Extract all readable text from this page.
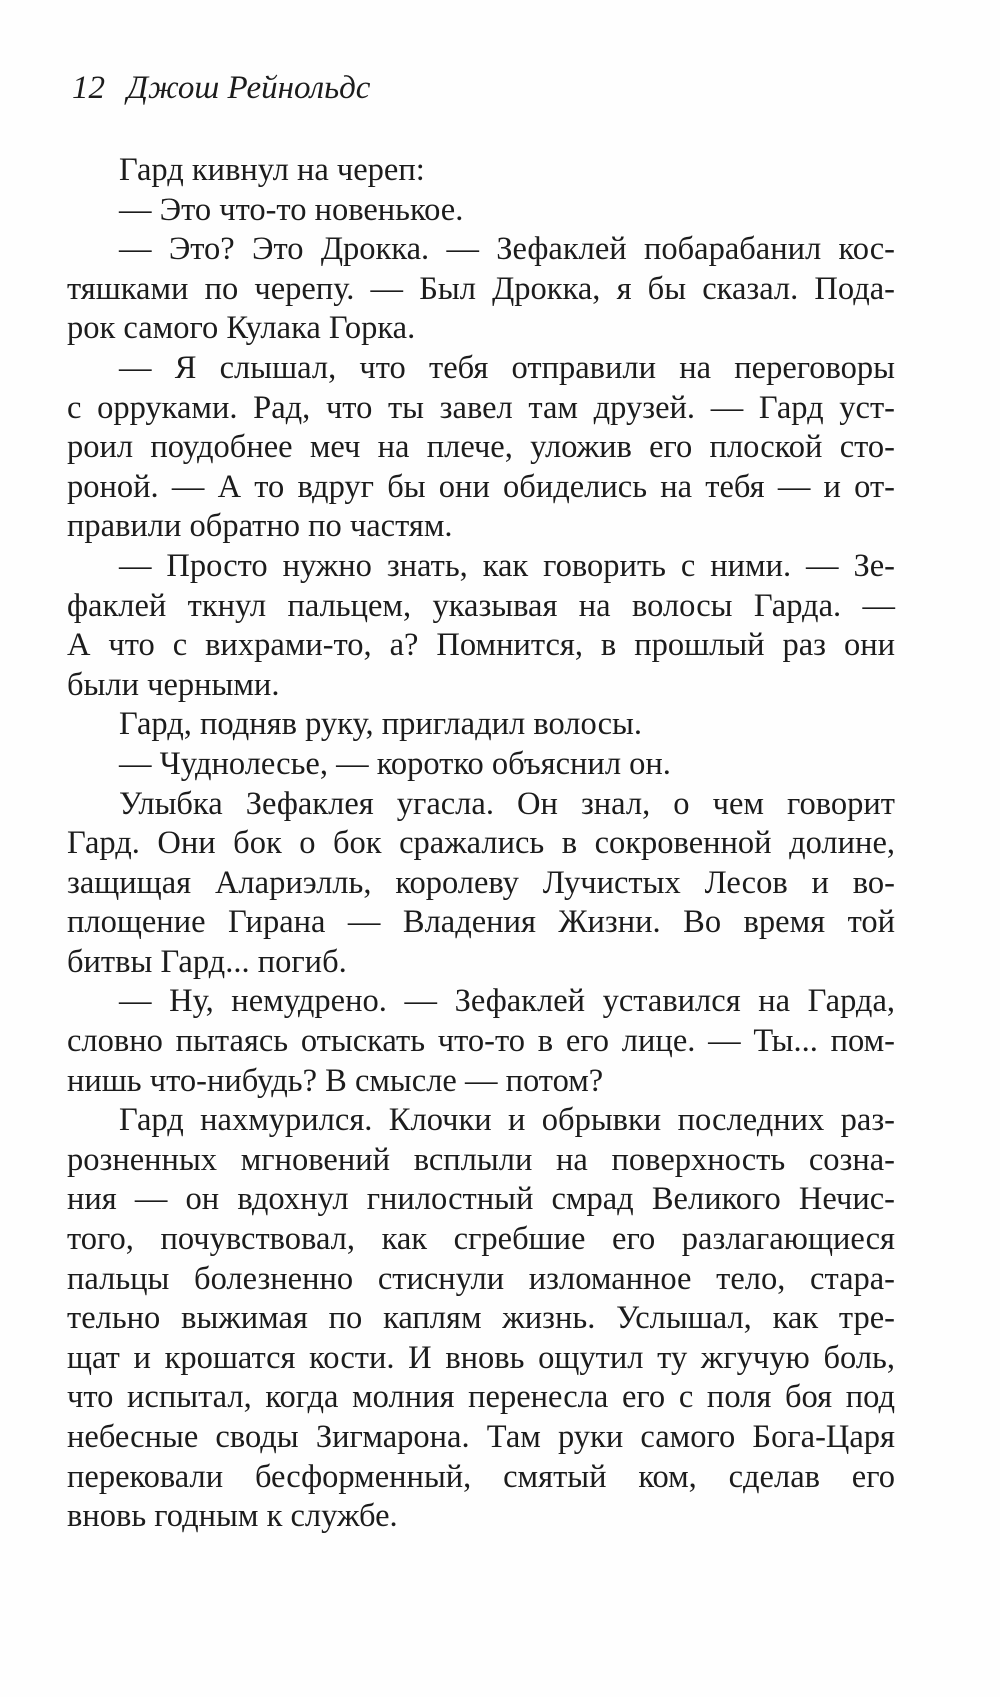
12 Джош Рейнольдс
Гард кивнул на череп:
— Это что-то новенькое.
— Это? Это Дрокка. — Зефаклей побарабанил кос-
тяшками по черепу. — Был Дрокка, я бы сказал. Пода-
рок самого Кулака Горка.
— Я слышал, что тебя отправили на переговоры
с орруками. Рад, что ты завел там друзей. — Гард уст-
роил поудобнее меч на плече, уложив его плоской сто-
роной. — А то вдруг бы они обиделись на тебя — и от-
правили обратно по частям.
— Просто нужно знать, как говорить с ними. — Зе-
факлей ткнул пальцем, указывая на волосы Гарда. —
А что с вихрами-то, а? Помнится, в прошлый раз они
были черными.
Гард, подняв руку, пригладил волосы.
— Чуднолесье, — коротко объяснил он.
Улыбка Зефаклея угасла. Он знал, о чем говорит
Гард. Они бок о бок сражались в сокровенной долине,
защищая Алариэлль, королеву Лучистых Лесов и во-
площение Гирана — Владения Жизни. Во время той
битвы Гард... погиб.
— Ну, немудрено. — Зефаклей уставился на Гарда,
словно пытаясь отыскать что-то в его лице. — Ты... пом-
нишь что-нибудь? В смысле — потом?
Гард нахмурился. Клочки и обрывки последних раз-
розненных мгновений всплыли на поверхность созна-
ния — он вдохнул гнилостный смрад Великого Нечис-
того, почувствовал, как сгребшие его разлагающиеся
пальцы болезненно стиснули изломанное тело, стара-
тельно выжимая по каплям жизнь. Услышал, как тре-
щат и крошатся кости. И вновь ощутил ту жгучую боль,
что испытал, когда молния перенесла его с поля боя под
небесные своды Зигмарона. Там руки самого Бога-Царя
перековали бесформенный, смятый ком, сделав его
вновь годным к службе.
